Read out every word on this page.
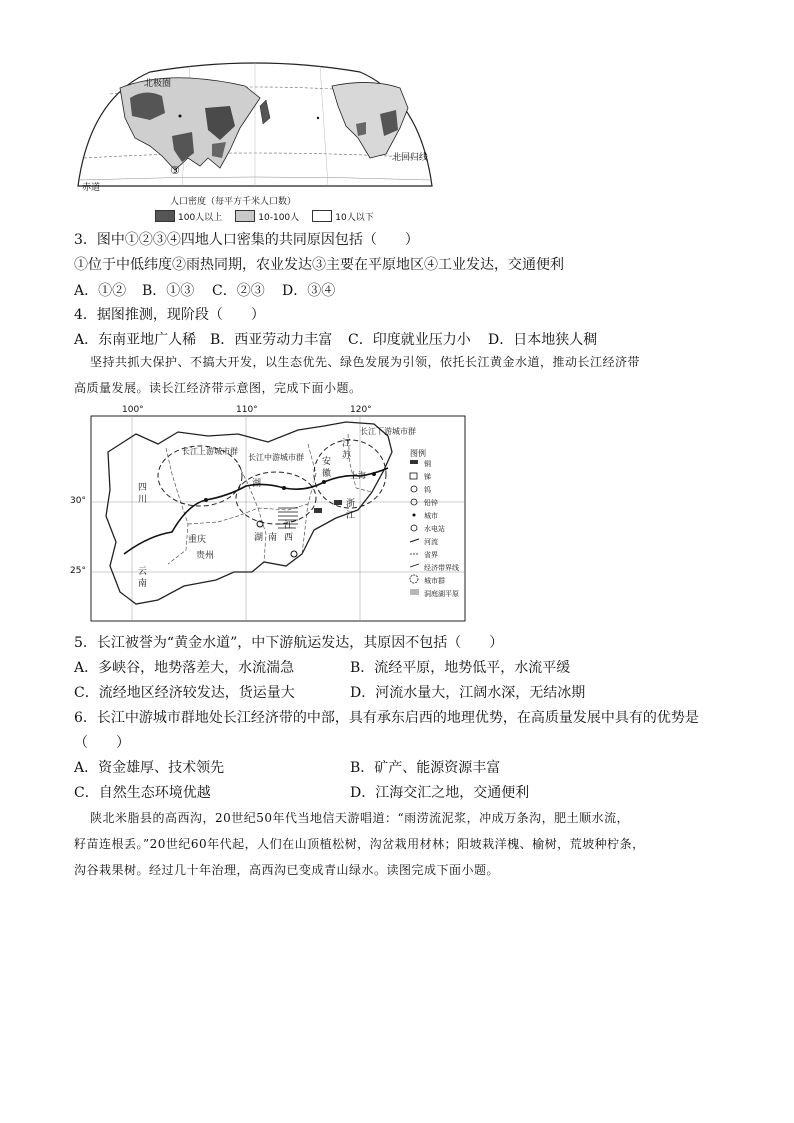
北极圈
北回归线
赤道
③
人口密度（每平方千米人口数）
100人以上
	10-100人
	10人以下
3．图中①②③④四地人口密集的共同原因包括（　　）
①位于中低纬度②雨热同期，农业发达③主要在平原地区④工业发达，交通便利
A．①② B．①③ C．②③ D．③④
4．据图推测，现阶段（　　）
A．东南亚地广人稀 B．西亚劳动力丰富 C．印度就业压力小 D．日本地狭人稠
坚持共抓大保护、不搞大开发，以生态优先、绿色发展为引领，依托长江黄金水道，推动长江经济带
高质量发展。读长江经济带示意图，完成下面小题。
100°	110°	120°
30°
25°
长江上游城市群
长江中游城市群
长江下游城市群
四
川
重庆
贵州
云
南
湖
湖 南
江
西
安
徽
江
苏
上海
浙
江
图例
铜
锑
钨
铅锌
城市
水电站
河流
省界
经济带界线
城市群
洞庭湖平原
5．长江被誉为“黄金水道”，中下游航运发达，其原因不包括（　　）
A．多峡谷，地势落差大，水流湍急	B．流经平原，地势低平，水流平缓
C．流经地区经济较发达，货运量大	D．河流水量大，江阔水深，无结冰期
6．长江中游城市群地处长江经济带的中部，具有承东启西的地理优势，在高质量发展中具有的优势是
（　　）
A．资金雄厚、技术领先	B．矿产、能源资源丰富
C．自然生态环境优越	D．江海交汇之地，交通便利
陕北米脂县的高西沟，20世纪50年代当地信天游唱道：“雨涝流泥浆，冲成万条沟，肥土顺水流，
籽苗连根丢。”20世纪60年代起，人们在山顶植松树，沟岔栽用材林；阳坡栽洋槐、榆树，荒坡种柠条，
沟谷栽果树。经过几十年治理，高西沟已变成青山绿水。读图完成下面小题。
